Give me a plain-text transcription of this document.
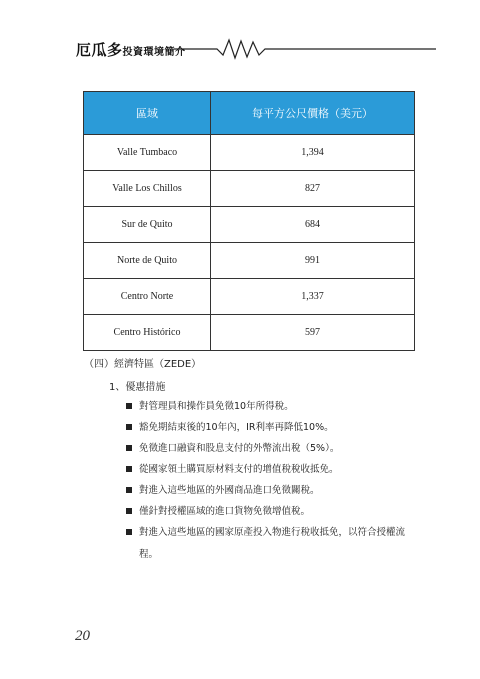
厄瓜多投資環境簡介
區域	每平方公尺價格（美元）
Valle Tumbaco	1,394
Valle Los Chillos	827
Sur de Quito	684
Norte de Quito	991
Centro Norte	1,337
Centro Histórico	597
（四）經濟特區（ZEDE）
1、優惠措施
對管理員和操作員免徵10年所得稅。
豁免期結束後的10年內，IR利率再降低10%。
免徵進口融資和股息支付的外幣流出稅（5%）。
從國家領土購買原材料支付的增值稅稅收抵免。
對進入這些地區的外國商品進口免徵關稅。
僅針對授權區域的進口貨物免徵增值稅。
對進入這些地區的國家原產投入物進行稅收抵免，以符合授權流
程。
20
